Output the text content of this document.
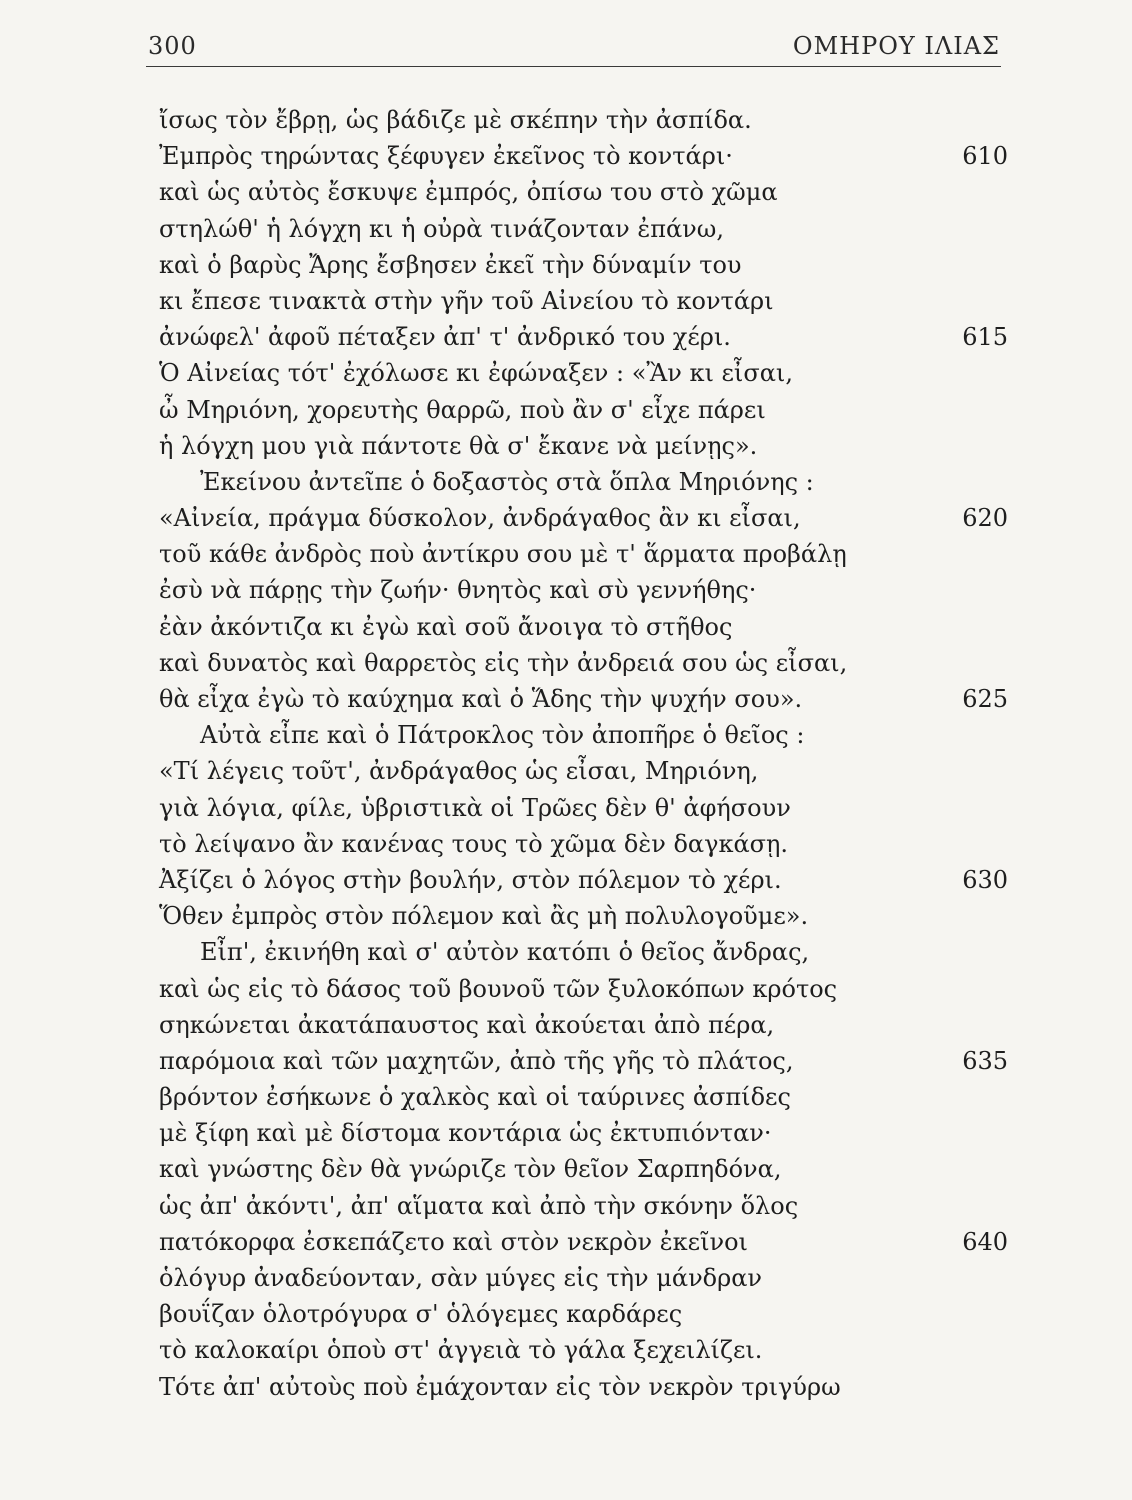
300	ΟΜΗΡΟΥ ΙΛΙΑΣ
ἴσως τὸν ἔβρῃ, ὡς βάδιζε μὲ σκέπην τὴν ἀσπίδα.
Ἐμπρὸς τηρώντας ξέφυγεν ἐκεῖνος τὸ κοντάρι·	610
καὶ ὡς αὐτὸς ἔσκυψε ἐμπρός, ὀπίσω του στὸ χῶμα
στηλώθ' ἡ λόγχη κι ἡ οὐρὰ τινάζονταν ἐπάνω,
καὶ ὁ βαρὺς Ἄρης ἔσβησεν ἐκεῖ τὴν δύναμίν του
κι ἔπεσε τινακτὰ στὴν γῆν τοῦ Αἰνείου τὸ κοντάρι
ἀνώφελ' ἀφοῦ πέταξεν ἀπ' τ' ἀνδρικό του χέρι.	615
Ὁ Αἰνείας τότ' ἐχόλωσε κι ἐφώναξεν : «Ἂν κι εἶσαι,
ὦ Μηριόνη, χορευτὴς θαρρῶ, ποὺ ἂν σ' εἶχε πάρει
ἡ λόγχη μου γιὰ πάντοτε θὰ σ' ἔκανε νὰ μείνῃς».
Ἐκείνου ἀντεῖπε ὁ δοξαστὸς στὰ ὅπλα Μηριόνης :
«Αἰνεία, πράγμα δύσκολον, ἀνδράγαθος ἂν κι εἶσαι,	620
τοῦ κάθε ἀνδρὸς ποὺ ἀντίκρυ σου μὲ τ' ἅρματα προβάλῃ
ἐσὺ νὰ πάρῃς τὴν ζωήν· θνητὸς καὶ σὺ γεννήθης·
ἐὰν ἀκόντιζα κι ἐγὼ καὶ σοῦ ἄνοιγα τὸ στῆθος
καὶ δυνατὸς καὶ θαρρετὸς εἰς τὴν ἀνδρειά σου ὡς εἶσαι,
θὰ εἶχα ἐγὼ τὸ καύχημα καὶ ὁ Ἅδης τὴν ψυχήν σου».	625
Αὐτὰ εἶπε καὶ ὁ Πάτροκλος τὸν ἀποπῆρε ὁ θεῖος :
«Τί λέγεις τοῦτ', ἀνδράγαθος ὡς εἶσαι, Μηριόνη,
γιὰ λόγια, φίλε, ὑβριστικὰ οἱ Τρῶες δὲν θ' ἀφήσουν
τὸ λείψανο ἂν κανένας τους τὸ χῶμα δὲν δαγκάσῃ.
Ἀξίζει ὁ λόγος στὴν βουλήν, στὸν πόλεμον τὸ χέρι.	630
Ὅθεν ἐμπρὸς στὸν πόλεμον καὶ ἂς μὴ πολυλογοῦμε».
Εἶπ', ἐκινήθη καὶ σ' αὐτὸν κατόπι ὁ θεῖος ἄνδρας,
καὶ ὡς εἰς τὸ δάσος τοῦ βουνοῦ τῶν ξυλοκόπων κρότος
σηκώνεται ἀκατάπαυστος καὶ ἀκούεται ἀπὸ πέρα,
παρόμοια καὶ τῶν μαχητῶν, ἀπὸ τῆς γῆς τὸ πλάτος,	635
βρόντον ἐσήκωνε ὁ χαλκὸς καὶ οἱ ταύρινες ἀσπίδες
μὲ ξίφη καὶ μὲ δίστομα κοντάρια ὡς ἐκτυπιόνταν·
καὶ γνώστης δὲν θὰ γνώριζε τὸν θεῖον Σαρπηδόνα,
ὡς ἀπ' ἀκόντι', ἀπ' αἵματα καὶ ἀπὸ τὴν σκόνην ὅλος
πατόκορφα ἐσκεπάζετο καὶ στὸν νεκρὸν ἐκεῖνοι	640
ὁλόγυρ ἀναδεύονταν, σὰν μύγες εἰς τὴν μάνδραν
βουΐζαν ὁλοτρόγυρα σ' ὁλόγεμες καρδάρες
τὸ καλοκαίρι ὁποὺ στ' ἀγγειὰ τὸ γάλα ξεχειλίζει.
Τότε ἀπ' αὐτοὺς ποὺ ἐμάχονταν εἰς τὸν νεκρὸν τριγύρω
